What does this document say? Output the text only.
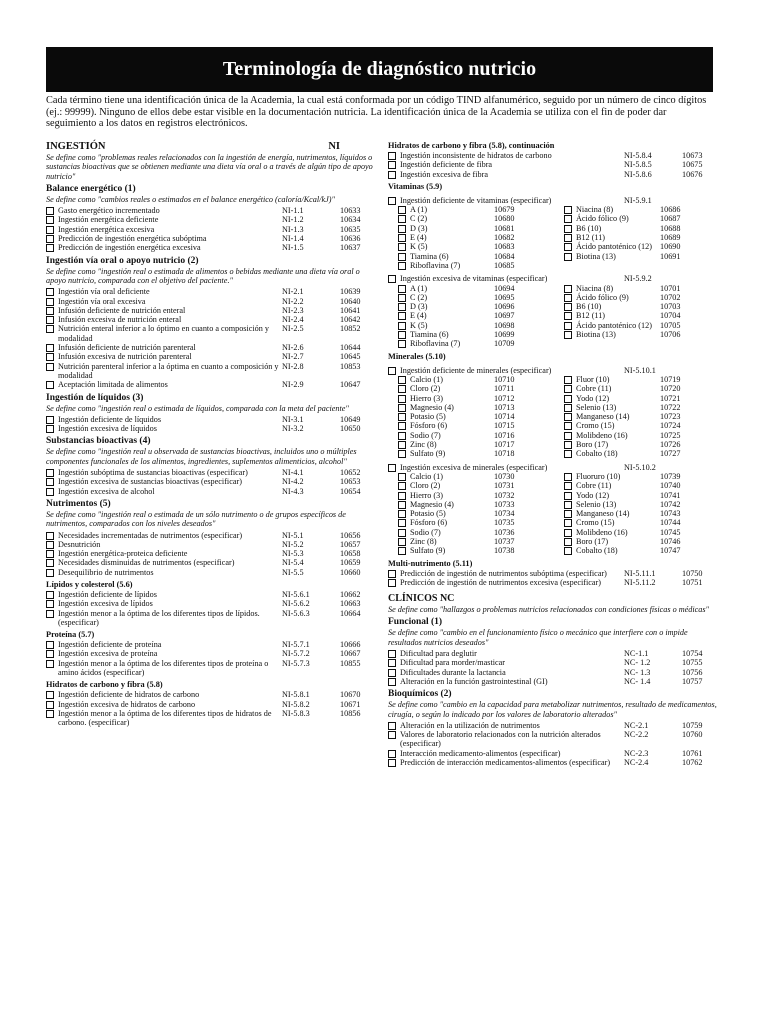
Terminología de diagnóstico nutricio
Cada término tiene una identificación única de la Academia, la cual está conformada por un código TIND alfanumérico, seguido por un número de cinco dígitos (ej.: 99999). Ninguno de ellos debe estar visible en la documentación nutricia. La identificación única de la Academia se utiliza con el fin de poder dar seguimiento a los datos en registros electrónicos.
INGESTIÓN	NI
Se define como "problemas reales relacionados con la ingestión de energía, nutrimentos, líquidos o sustancias bioactivas que se obtienen mediante una dieta vía oral o a través de algún tipo de apoyo nutricio"
Balance energético (1)
Se define como "cambios reales o estimados en el balance energético (caloría/Kcal/kJ)"
Gasto energético incrementado	NI-1.1	10633
Ingestión energética deficiente	NI-1.2	10634
Ingestión energética excesiva	NI-1.3	10635
Predicción de ingestión energética subóptima	NI-1.4	10636
Predicción de ingestión energética excesiva	NI-1.5	10637
Ingestión vía oral o apoyo nutricio (2)
Se define como "ingestión real o estimada de alimentos o bebidas mediante una dieta vía oral o apoyo nutricio, comparada con el objetivo del paciente."
Ingestión vía oral deficiente	NI-2.1	10639
Ingestión vía oral excesiva	NI-2.2	10640
Infusión deficiente de nutrición enteral	NI-2.3	10641
Infusión excesiva de nutrición enteral	NI-2.4	10642
Nutrición enteral inferior a lo óptimo en cuanto a composición y modalidad
NI-2.5	10852
Infusión deficiente de nutrición parenteral	NI-2.6	10644
Infusión excesiva de nutrición parenteral	NI-2.7	10645
Nutrición parenteral inferior a la óptima en cuanto a composición y modalidad
NI-2.8	10853
Aceptación limitada de alimentos	NI-2.9	10647
Ingestión de líquidos (3)
Se define como "ingestión real o estimada de líquidos, comparada con la meta del paciente"
Ingestión deficiente de líquidos	NI-3.1	10649
Ingestión excesiva de líquidos	NI-3.2	10650
Substancias bioactivas (4)
Se define como "ingestión real u observada de sustancias bioactivas, incluidos uno o múltiples componentes funcionales de los alimentos, ingredientes, suplementos alimenticios, alcohol"
Ingestión subóptima de sustancias bioactivas (especificar)	NI-4.1	10652
Ingestión excesiva de sustancias bioactivas (especificar)	NI-4.2	10653
Ingestión excesiva de alcohol	NI-4.3	10654
Nutrimentos (5)
Se define como "ingestión real o estimada de un sólo nutrimento o de grupos específicos de nutrimentos, comparados con los niveles deseados"
Necesidades incrementadas de nutrimentos (especificar)	NI-5.1	10656
Desnutrición	NI-5.2	10657
Ingestión energética-proteica deficiente	NI-5.3	10658
Necesidades disminuidas de nutrimentos (especificar)	NI-5.4	10659
Desequilibrio de nutrimentos	NI-5.5	10660
Lípidos y colesterol (5.6)
Ingestión deficiente de lípidos	NI-5.6.1	10662
Ingestión excesiva de lípidos	NI-5.6.2	10663
Ingestión menor a la óptima de los diferentes tipos de lípidos. (especificar)
NI-5.6.3	10664
Proteína (5.7)
Ingestión deficiente de proteína	NI-5.7.1	10666
Ingestión excesiva de proteína	NI-5.7.2	10667
Ingestión menor a la óptima de los diferentes tipos de proteína o amino ácidos (especificar)
NI-5.7.3	10855
Hidratos de carbono y fibra (5.8)
Ingestión deficiente de hidratos de carbono	NI-5.8.1	10670
Ingestión excesiva de hidratos de carbono	NI-5.8.2	10671
Ingestión menor a la óptima de los diferentes tipos de hidratos de carbono. (especificar)
NI-5.8.3	10856
Hidratos de carbono y fibra (5.8), continuación
Ingestión inconsistente de hidratos de carbono	NI-5.8.4	10673
Ingestión deficiente de fibra	NI-5.8.5	10675
Ingestión excesiva de fibra	NI-5.8.6	10676
Vitaminas (5.9)
Ingestión deficiente de vitaminas (especificar)	NI-5.9.1
A (1)	10679	Niacina (8)	10686
C (2)	10680	Ácido fólico (9)	10687
D (3)	10681	B6 (10)	10688
E (4)	10682	B12 (11)	10689
K (5)	10683	Ácido pantoténico (12) 10690
Tiamina (6)	10684	Biotina (13)	10691
Riboflavina (7)	10685
Ingestión excesiva de vitaminas (especificar)	NI-5.9.2
A (1)	10694	Niacina (8)	10701
C (2)	10695	Ácido fólico (9)	10702
D (3)	10696	B6 (10)	10703
E (4)	10697	B12 (11)	10704
K (5)	10698	Ácido pantoténico (12) 10705
Tiamina (6)	10699	Biotina (13)	10706
Riboflavina (7)	10709
Minerales (5.10)
Ingestión deficiente de minerales (especificar)	NI-5.10.1
Calcio (1)	10710	Fluor (10)	10719
Cloro (2)	10711	Cobre (11)	10720
Hierro (3)	10712	Yodo (12)	10721
Magnesio (4)	10713	Selenio (13)	10722
Potasio (5)	10714	Manganeso (14)	10723
Fósforo (6)	10715	Cromo (15)	10724
Sodio (7)	10716	Molibdeno (16)	10725
Zinc (8)	10717	Boro (17)	10726
Sulfato (9)	10718	Cobalto (18)	10727
Ingestión excesiva de minerales (especificar)	NI-5.10.2
Calcio (1)	10730	Fluoruro (10)	10739
Cloro (2)	10731	Cobre (11)	10740
Hierro (3)	10732	Yodo (12)	10741
Magnesio (4)	10733	Selenio (13)	10742
Potasio (5)	10734	Manganeso (14)	10743
Fósforo (6)	10735	Cromo (15)	10744
Sodio (7)	10736	Molibdeno (16)	10745
Zinc (8)	10737	Boro (17)	10746
Sulfato (9)	10738	Cobalto (18)	10747
Multi-nutrimento (5.11)
Predicción de ingestión de nutrimentos subóptima (especificar)	NI-5.11.1	10750
Predicción de ingestión de nutrimentos excesiva (especificar)	NI-5.11.2	10751
CLÍNICOS NC
Se define como "hallazgos o problemas nutricios relacionados con condiciones físicas o médicas"
Funcional (1)
Se define como "cambio en el funcionamiento físico o mecánico que interfiere con o impide resultados nutricios deseados"
Dificultad para deglutir	NC-1.1	10754
Dificultad para morder/masticar	NC- 1.2	10755
Dificultades durante la lactancia	NC- 1.3	10756
Alteración en la función gastrointestinal (GI)	NC- 1.4	10757
Bioquímicos (2)
Se define como "cambio en la capacidad para metabolizar nutrimentos, resultado de medicamentos, cirugía, o según lo indicado por los valores de laboratorio alterados"
Alteración en la utilización de nutrimentos	NC-2.1	10759
Valores de laboratorio relacionados con la nutrición alterados (especificar)
NC-2.2	10760
Interacción medicamento-alimentos (especificar)	NC-2.3	10761
Predicción de interacción medicamentos-alimentos (especificar)	NC-2.4	10762
